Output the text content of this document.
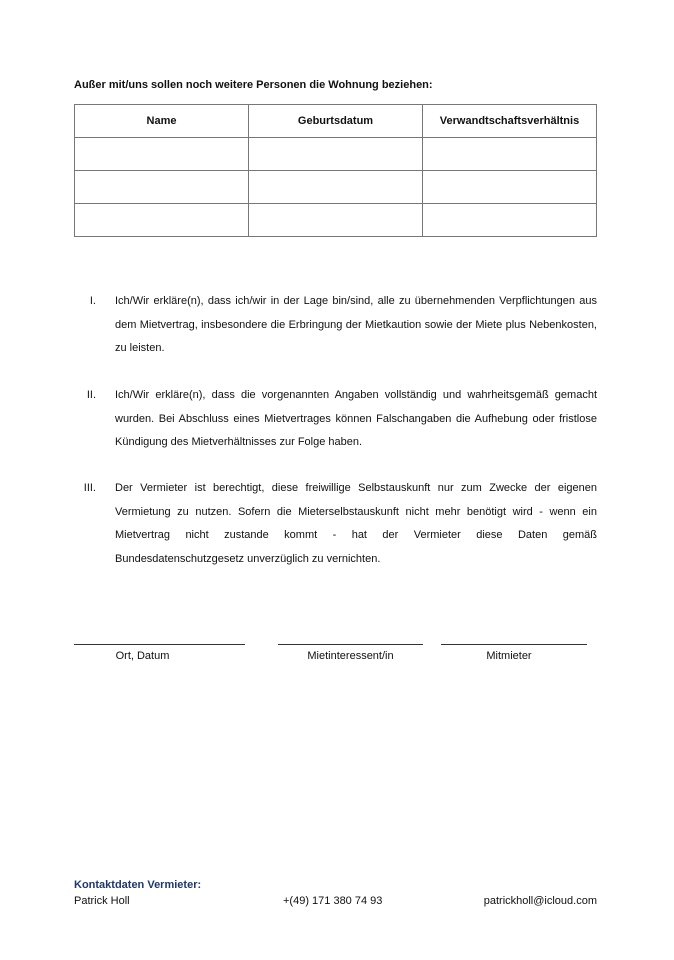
Außer mit/uns sollen noch weitere Personen die Wohnung beziehen:
Name	Geburtsdatum	Verwandtschaftsverhältnis

I. Ich/Wir erkläre(n), dass ich/wir in der Lage bin/sind, alle zu übernehmenden Verpflichtungen aus dem Mietvertrag, insbesondere die Erbringung der Mietkaution sowie der Miete plus Nebenkosten, zu leisten.
II. Ich/Wir erkläre(n), dass die vorgenannten Angaben vollständig und wahrheitsgemäß gemacht wurden. Bei Abschluss eines Mietvertrages können Falschangaben die Aufhebung oder fristlose Kündigung des Mietverhältnisses zur Folge haben.
III. Der Vermieter ist berechtigt, diese freiwillige Selbstauskunft nur zum Zwecke der eigenen Vermietung zu nutzen. Sofern die Mieterselbstauskunft nicht mehr benötigt wird - wenn ein Mietvertrag nicht zustande kommt - hat der Vermieter diese Daten gemäß Bundesdatenschutzgesetz unverzüglich zu vernichten.
Ort, Datum	Mietinteressent/in	Mitmieter
Kontaktdaten Vermieter:
Patrick Holl	+(49) 171 380 74 93	patrickholl@icloud.com
